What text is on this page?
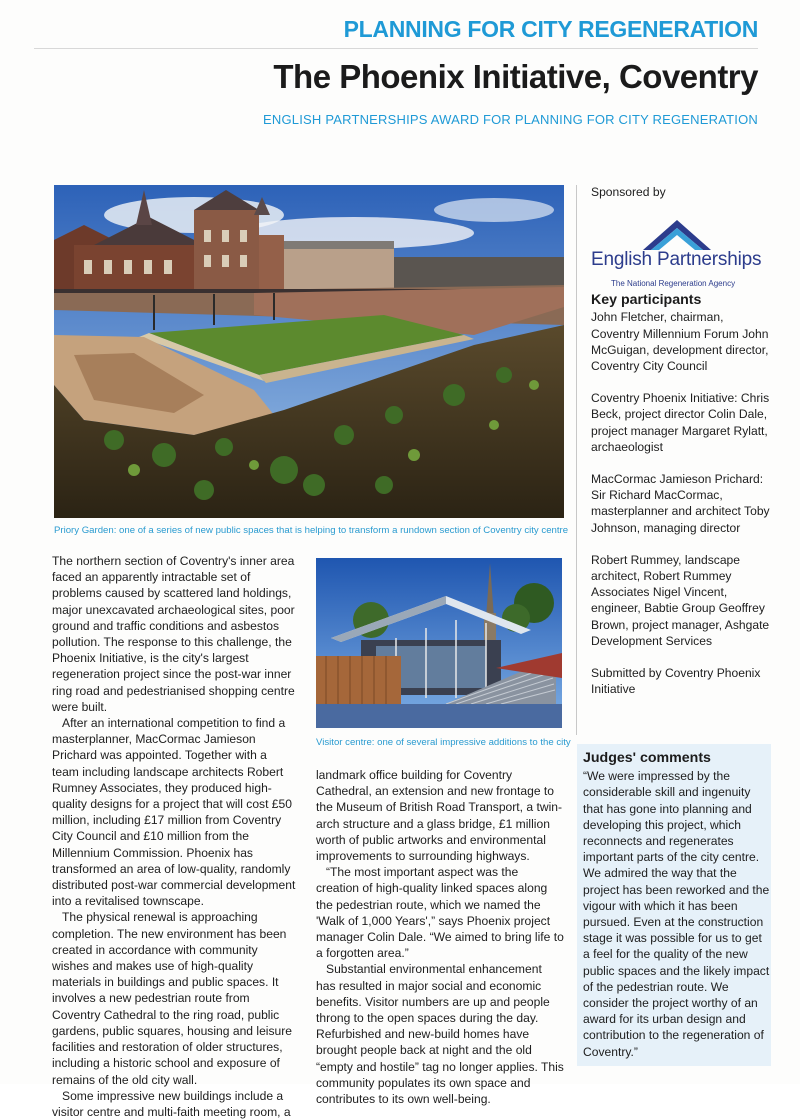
PLANNING FOR CITY REGENERATION
The Phoenix Initiative, Coventry
ENGLISH PARTNERSHIPS AWARD FOR PLANNING FOR CITY REGENERATION
Priory Garden: one of a series of new public spaces that is helping to transform a rundown section of Coventry city centre

The northern section of Coventry's inner area faced an apparently intractable set of problems caused by scattered land holdings, major unexcavated archaeological sites, poor ground and traffic conditions and asbestos pollution. The response to this challenge, the Phoenix Initiative, is the city's largest regeneration project since the post-war inner ring road and pedestrianised shopping centre were built.

After an international competition to find a masterplanner, MacCormac Jamieson Prichard was appointed. Together with a team including landscape architects Robert Rumney Associates, they produced high-quality designs for a project that will cost £50 million, including £17 million from Coventry City Council and £10 million from the Millennium Commission. Phoenix has transformed an area of low-quality, randomly distributed post-war commercial development into a revitalised townscape.

The physical renewal is approaching completion. The new environment has been created in accordance with community wishes and makes use of high-quality materials in buildings and public spaces. It involves a new pedestrian route from Coventry Cathedral to the ring road, public gardens, public squares, housing and leisure facilities and restoration of older structures, including a historic school and exposure of remains of the old city wall.

Some impressive new buildings include a visitor centre and multi-faith meeting room, a

Visitor centre: one of several impressive additions to the city

landmark office building for Coventry Cathedral, an extension and new frontage to the Museum of British Road Transport, a twin-arch structure and a glass bridge, £1 million worth of public artworks and environmental improvements to surrounding highways.

“The most important aspect was the creation of high-quality linked spaces along the pedestrian route, which we named the 'Walk of 1,000 Years',” says Phoenix project manager Colin Dale. “We aimed to bring life to a forgotten area.”

Substantial environmental enhancement has resulted in major social and economic benefits. Visitor numbers are up and people throng to the open spaces during the day. Refurbished and new-build homes have brought people back at night and the old “empty and hostile” tag no longer applies. This community populates its own space and contributes to its own well-being.

Sponsored by
English Partnerships
The National Regeneration Agency
Key participants
John Fletcher, chairman, Coventry Millennium Forum John McGuigan, development director, Coventry City Council
Coventry Phoenix Initiative: Chris Beck, project director Colin Dale, project manager Margaret Rylatt, archaeologist
MacCormac Jamieson Prichard: Sir Richard MacCormac, masterplanner and architect Toby Johnson, managing director
Robert Rummey, landscape architect, Robert Rummey Associates Nigel Vincent, engineer, Babtie Group Geoffrey Brown, project manager, Ashgate Development Services
Submitted by Coventry Phoenix Initiative
Judges' comments
“We were impressed by the considerable skill and ingenuity that has gone into planning and developing this project, which reconnects and regenerates important parts of the city centre. We admired the way that the project has been reworked and the vigour with which it has been pursued. Even at the construction stage it was possible for us to get a feel for the quality of the new public spaces and the likely impact of the pedestrian route. We consider the project worthy of an award for its urban design and contribution to the regeneration of Coventry.”
